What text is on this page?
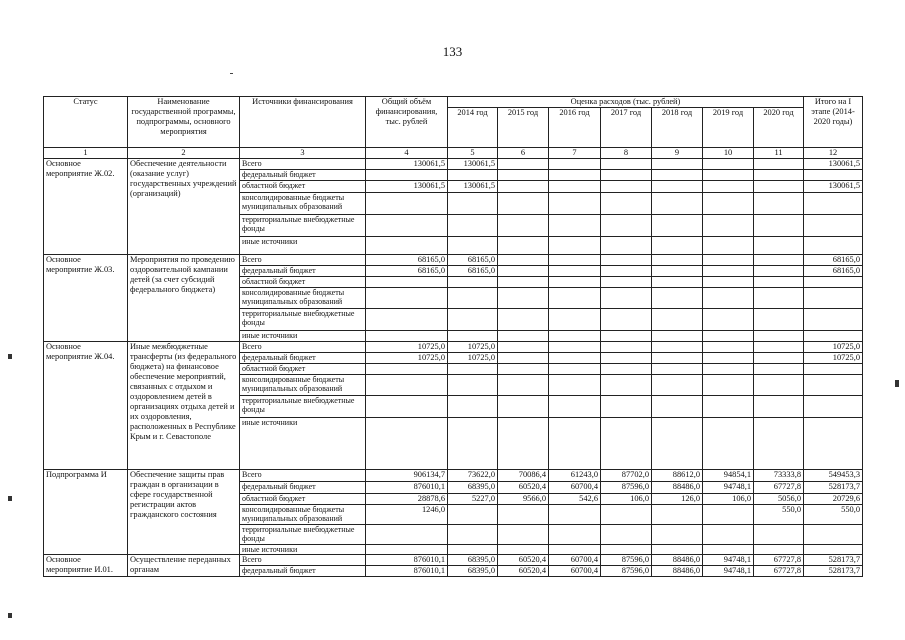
133
Статус	Наименование государственной программы, подпрограммы, основного мероприятия	Источники финансирования	Общий объём финансирования, тыс. рублей	Оценка расходов (тыс. рублей)							Итого на I этапе (2014-2020 годы)
				2014 год	2015 год	2016 год	2017 год	2018 год	2019 год	2020 год	
1	2	3	4	5	6	7	8	9	10	11	12
Основное мероприятие Ж.02.	Обеспечение деятельности (оказание услуг) государственных учреждений (организаций)	Всего	130061,5	130061,5							130061,5
		федеральный бюджет									
		областной бюджет	130061,5	130061,5							130061,5
		консолидированные бюджеты муниципальных образований									
		территориальные внебюджетные фонды									
		иные источники									
Основное мероприятие Ж.03.	Мероприятия по проведению оздоровительной кампании детей (за счет субсидий федерального бюджета)	Всего	68165,0	68165,0							68165,0
		федеральный бюджет	68165,0	68165,0							68165,0
		областной бюджет									
		консолидированные бюджеты муниципальных образований									
		территориальные внебюджетные фонды									
		иные источники									
Основное мероприятие Ж.04.	Иные межбюджетные трансферты (из федерального бюджета) на финансовое обеспечение мероприятий, связанных с отдыхом и оздоровлением детей в организациях отдыха детей и их оздоровления, расположенных в Республике Крым и г. Севастополе	Всего	10725,0	10725,0							10725,0
		федеральный бюджет	10725,0	10725,0							10725,0
		областной бюджет									
		консолидированные бюджеты муниципальных образований									
		территориальные внебюджетные фонды									
		иные источники									
Подпрограмма И	Обеспечение защиты прав граждан в организации в сфере государственной регистрации актов гражданского состояния	Всего	906134,7	73622,0	70086,4	61243,0	87702,0	88612,0	94854,1	73333,8	549453,3
		федеральный бюджет	876010,1	68395,0	60520,4	60700,4	87596,0	88486,0	94748,1	67727,8	528173,7
		областной бюджет	28878,6	5227,0	9566,0	542,6	106,0	126,0	106,0	5056,0	20729,6
		консолидированные бюджеты муниципальных образований	1246,0							550,0	550,0
		территориальные внебюджетные фонды									
		иные источники									
Основное мероприятие И.01.	Осуществление переданных органам	Всего	876010,1	68395,0	60520,4	60700,4	87596,0	88486,0	94748,1	67727,8	528173,7
		федеральный бюджет	876010,1	68395,0	60520,4	60700,4	87596,0	88486,0	94748,1	67727,8	528173,7
